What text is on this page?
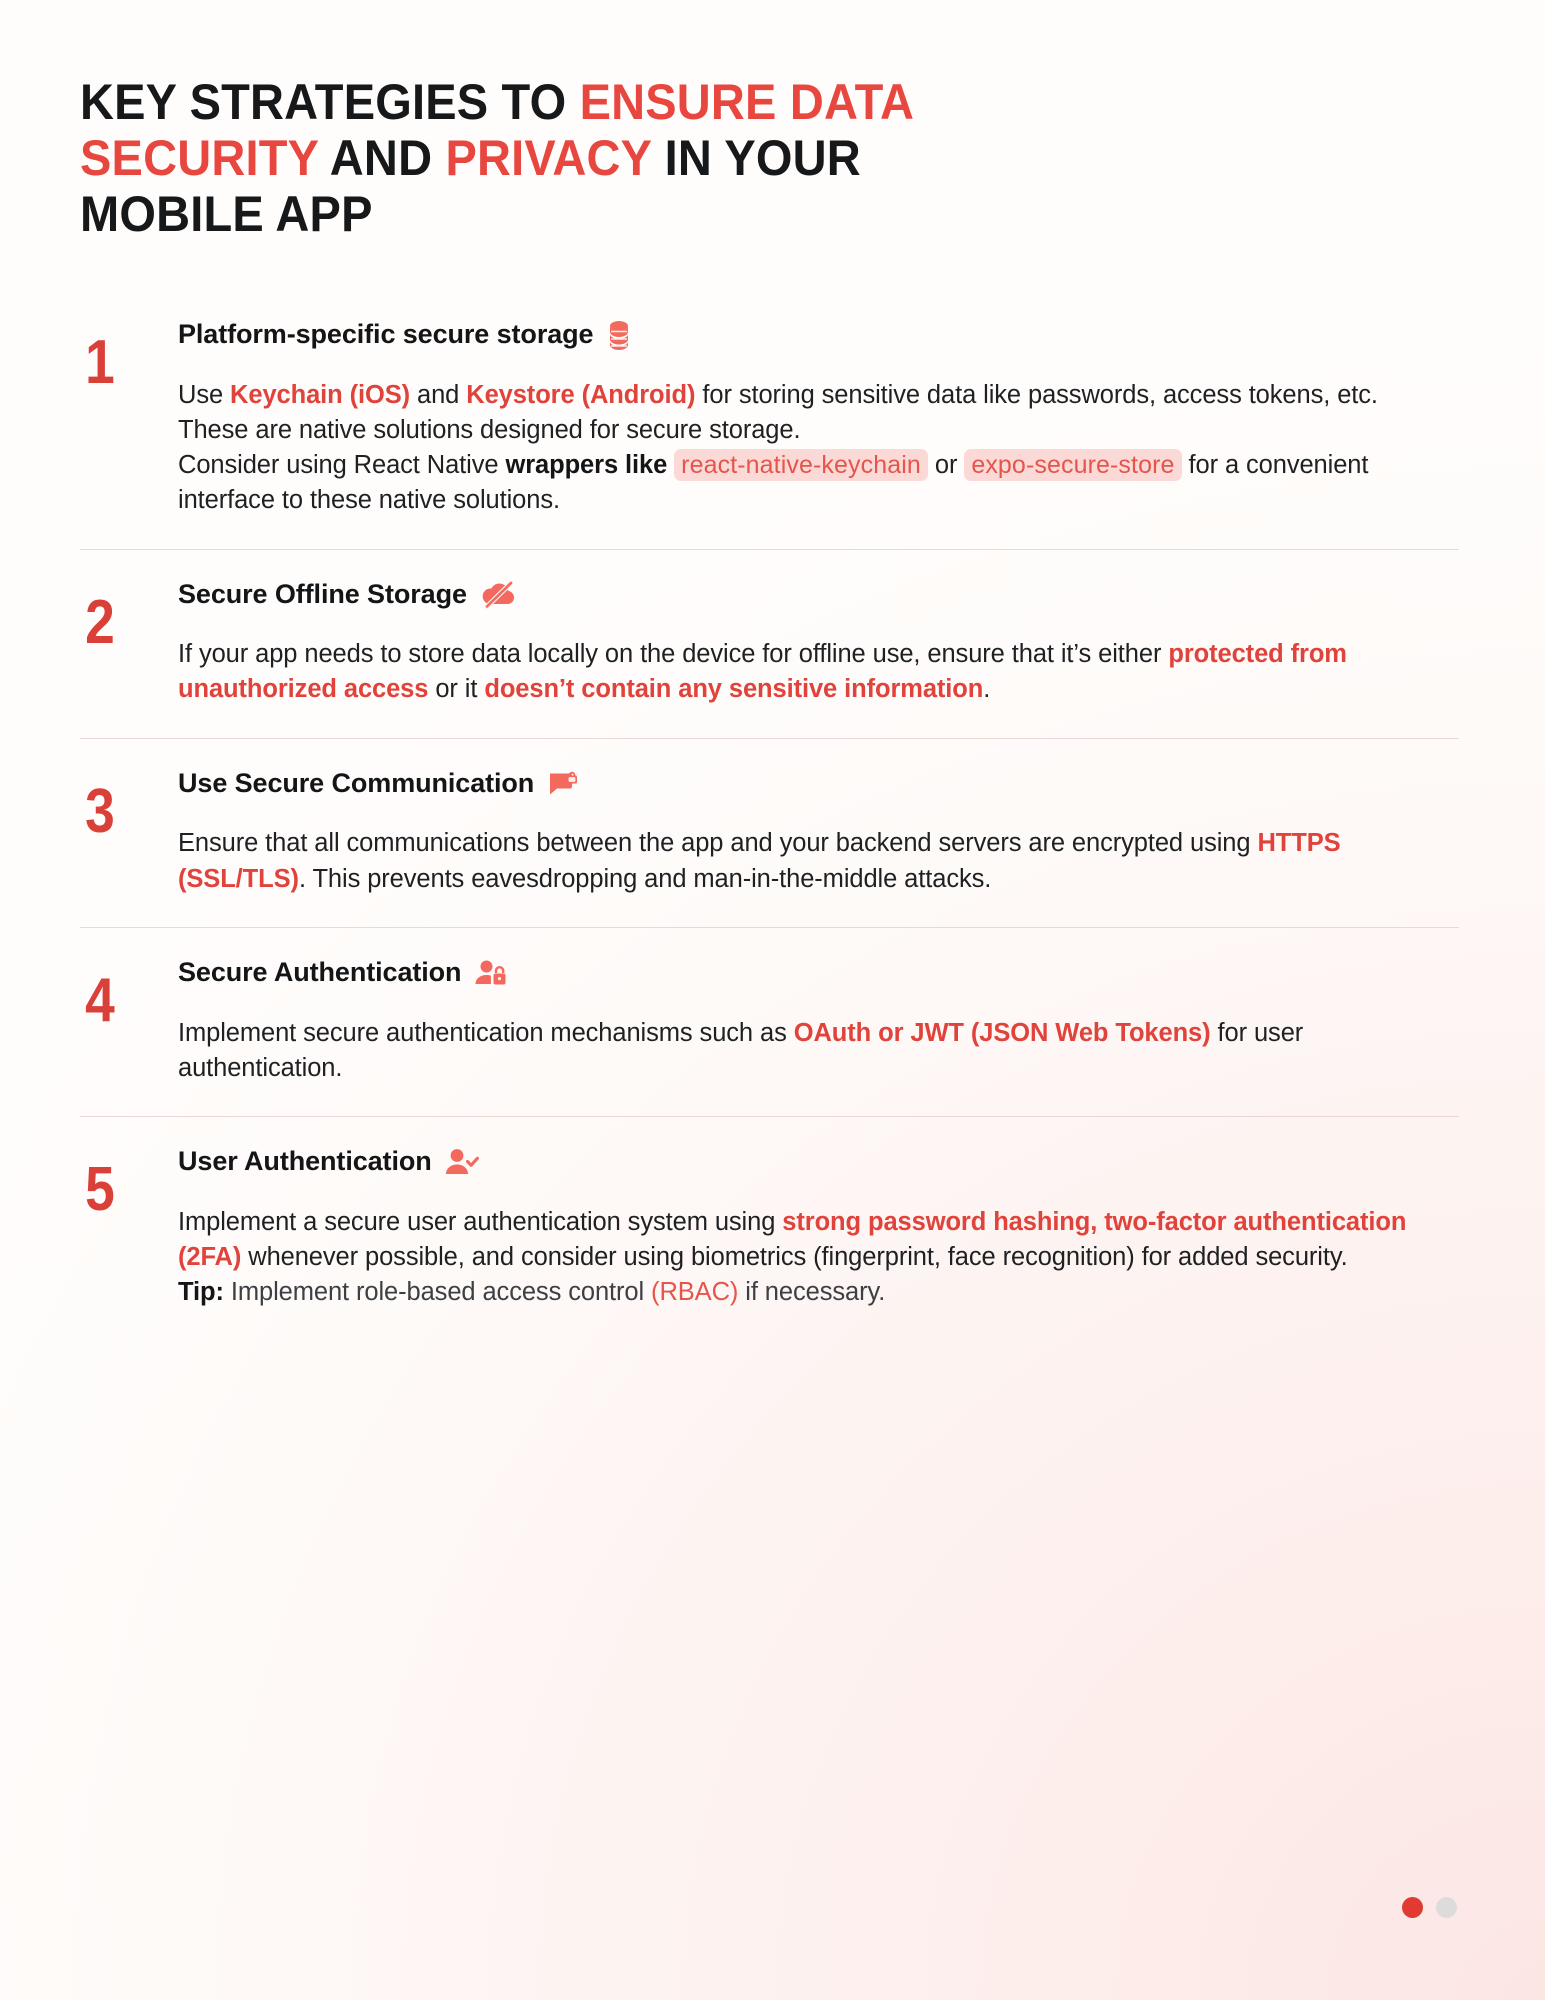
KEY STRATEGIES TO ENSURE DATA SECURITY AND PRIVACY IN YOUR MOBILE APP
1	Platform-specific secure storage

Use Keychain (iOS) and Keystore (Android) for storing sensitive data like passwords, access tokens, etc. These are native solutions designed for secure storage.

Consider using React Native wrappers like react-native-keychain or expo-secure-store for a convenient interface to these native solutions.

2	Secure Offline Storage

If your app needs to store data locally on the device for offline use, ensure that it’s either protected from unauthorized access or it doesn’t contain any sensitive information.

3	Use Secure Communication

Ensure that all communications between the app and your backend servers are encrypted using HTTPS (SSL/TLS). This prevents eavesdropping and man-in-the-middle attacks.

4	Secure Authentication

Implement secure authentication mechanisms such as OAuth or JWT (JSON Web Tokens) for user authentication.

5	User Authentication

Implement a secure user authentication system using strong password hashing, two-factor authentication (2FA) whenever possible, and consider using biometrics (fingerprint, face recognition) for added security.

Tip: Implement role-based access control (RBAC) if necessary.
